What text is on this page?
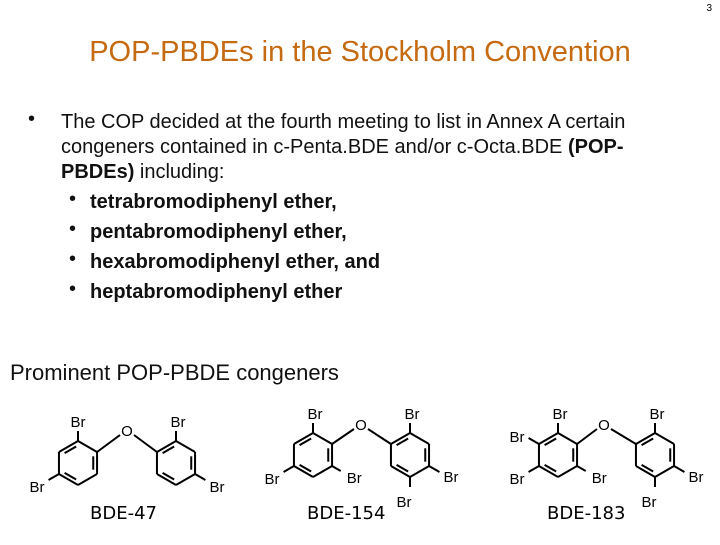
3
POP-PBDEs in the Stockholm Convention
• The COP decided at the fourth meeting to list in Annex A certain congeners contained in c-Penta.BDE and/or c-Octa.BDE (POP-PBDEs) including:
• tetrabromodiphenyl ether,
• pentabromodiphenyl ether,
• hexabromodiphenyl ether, and
• heptabromodiphenyl ether
Prominent POP-PBDE congeners
O
Br
Br
Br
Br
O
Br
Br	Br
Br
Br
Br
O
Br
Br
Br	Br
Br
Br
Br
BDE-47	BDE-154	BDE-183
